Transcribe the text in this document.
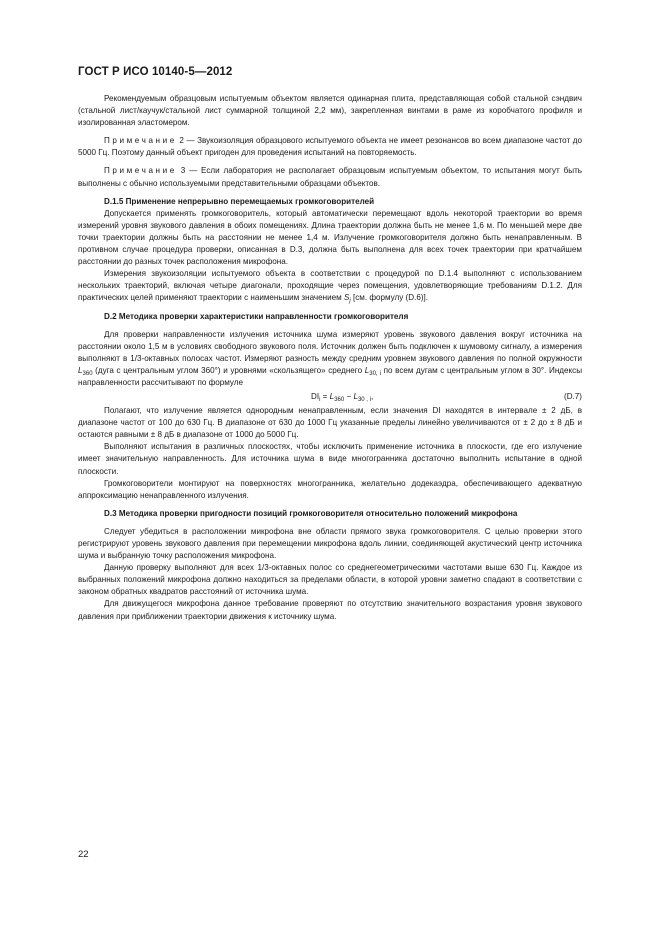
ГОСТ Р ИСО 10140-5—2012

Рекомендуемым образцовым испытуемым объектом является одинарная плита, представляющая собой стальной сэндвич (стальной лист/каучук/стальной лист суммарной толщиной 2,2 мм), закрепленная винтами в раме из коробчатого профиля и изолированная эластомером.

Примечание 2 — Звукоизоляция образцового испытуемого объекта не имеет резонансов во всем диапазоне частот до 5000 Гц. Поэтому данный объект пригоден для проведения испытаний на повторяемость.

Примечание 3 — Если лаборатория не располагает образцовым испытуемым объектом, то испытания могут быть выполнены с обычно используемыми представительными образцами объектов.

D.1.5 Применение непрерывно перемещаемых громкоговорителей

Допускается применять громкоговоритель, который автоматически перемещают вдоль некоторой траектории во время измерений уровня звукового давления в обоих помещениях. Длина траектории должна быть не менее 1,6 м. По меньшей мере две точки траектории должны быть на расстоянии не менее 1,4 м. Излучение громкоговорителя должно быть ненаправленным. В противном случае процедура проверки, описанная в D.3, должна быть выполнена для всех точек траектории при кратчайшем расстоянии до разных точек расположения микрофона.

Измерения звукоизоляции испытуемого объекта в соответствии с процедурой по D.1.4 выполняют с использованием нескольких траекторий, включая четыре диагонали, проходящие через помещения, удовлетворяющие требованиям D.1.2. Для практических целей применяют траектории с наименьшим значением $S_j$ [см. формулу (D.6)].

D.2 Методика проверки характеристики направленности громкоговорителя

Для проверки направленности излучения источника шума измеряют уровень звукового давления вокруг источника на расстоянии около 1,5 м в условиях свободного звукового поля. Источник должен быть подключен к шумовому сигналу, а измерения выполняют в 1/3-октавных полосах частот. Измеряют разность между средним уровнем звукового давления по полной окружности $L_{360}$ (дуга с центральным углом 360°) и уровнями «скользящего» среднего $L_{30, i}$ по всем дугам с центральным углом в 30°. Индексы направленности рассчитывают по формуле

$DI_i = L_{360} - L_{30 , i}$,	(D.7)

Полагают, что излучение является однородным ненаправленным, если значения DI находятся в интервале ± 2 дБ, в диапазоне частот от 100 до 630 Гц. В диапазоне от 630 до 1000 Гц указанные пределы линейно увеличиваются от ± 2 до ± 8 дБ и остаются равными ± 8 дБ в диапазоне от 1000 до 5000 Гц.

Выполняют испытания в различных плоскостях, чтобы исключить применение источника в плоскости, где его излучение имеет значительную направленность. Для источника шума в виде многогранника достаточно выполнить испытание в одной плоскости.

Громкоговорители монтируют на поверхностях многогранника, желательно додекаэдра, обеспечивающего адекватную аппроксимацию ненаправленного излучения.

D.3 Методика проверки пригодности позиций громкоговорителя относительно положений микрофона

Следует убедиться в расположении микрофона вне области прямого звука громкоговорителя. С целью проверки этого регистрируют уровень звукового давления при перемещении микрофона вдоль линии, соединяющей акустический центр источника шума и выбранную точку расположения микрофона.

Данную проверку выполняют для всех 1/3-октавных полос со среднегеометрическими частотами выше 630 Гц. Каждое из выбранных положений микрофона должно находиться за пределами области, в которой уровни заметно спадают в соответствии с законом обратных квадратов расстояний от источника шума.

Для движущегося микрофона данное требование проверяют по отсутствию значительного возрастания уровня звукового давления при приближении траектории движения к источнику шума.

22
